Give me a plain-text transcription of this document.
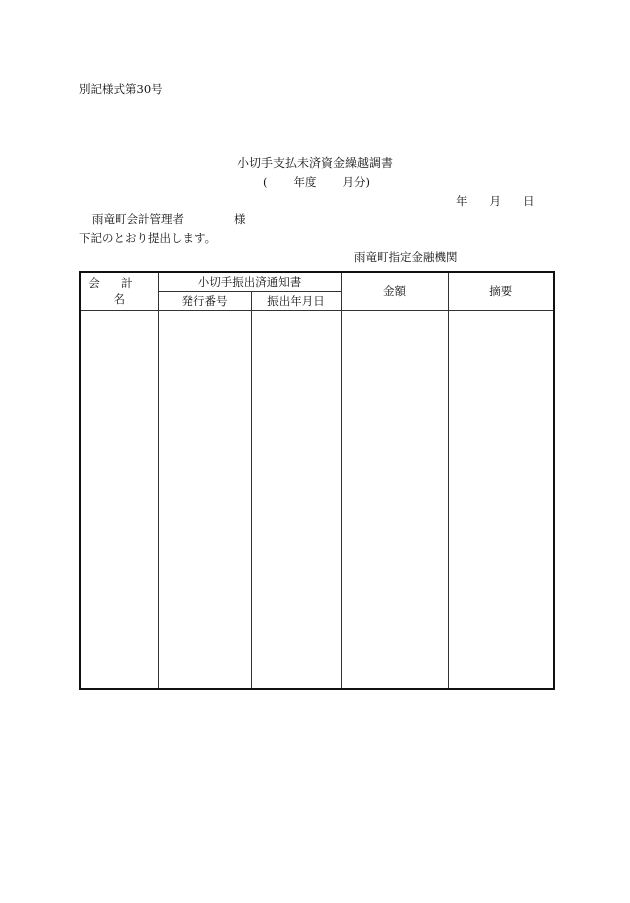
別記様式第30号
小切手支払未済資金繰越調書
( 年度 月分)
年 月 日
雨竜町会計管理者	様
下記のとおり提出します。
雨竜町指定金融機関
会 計  名	小切手振出済通知書		金額	摘要
	発行番号	振出年月日		
